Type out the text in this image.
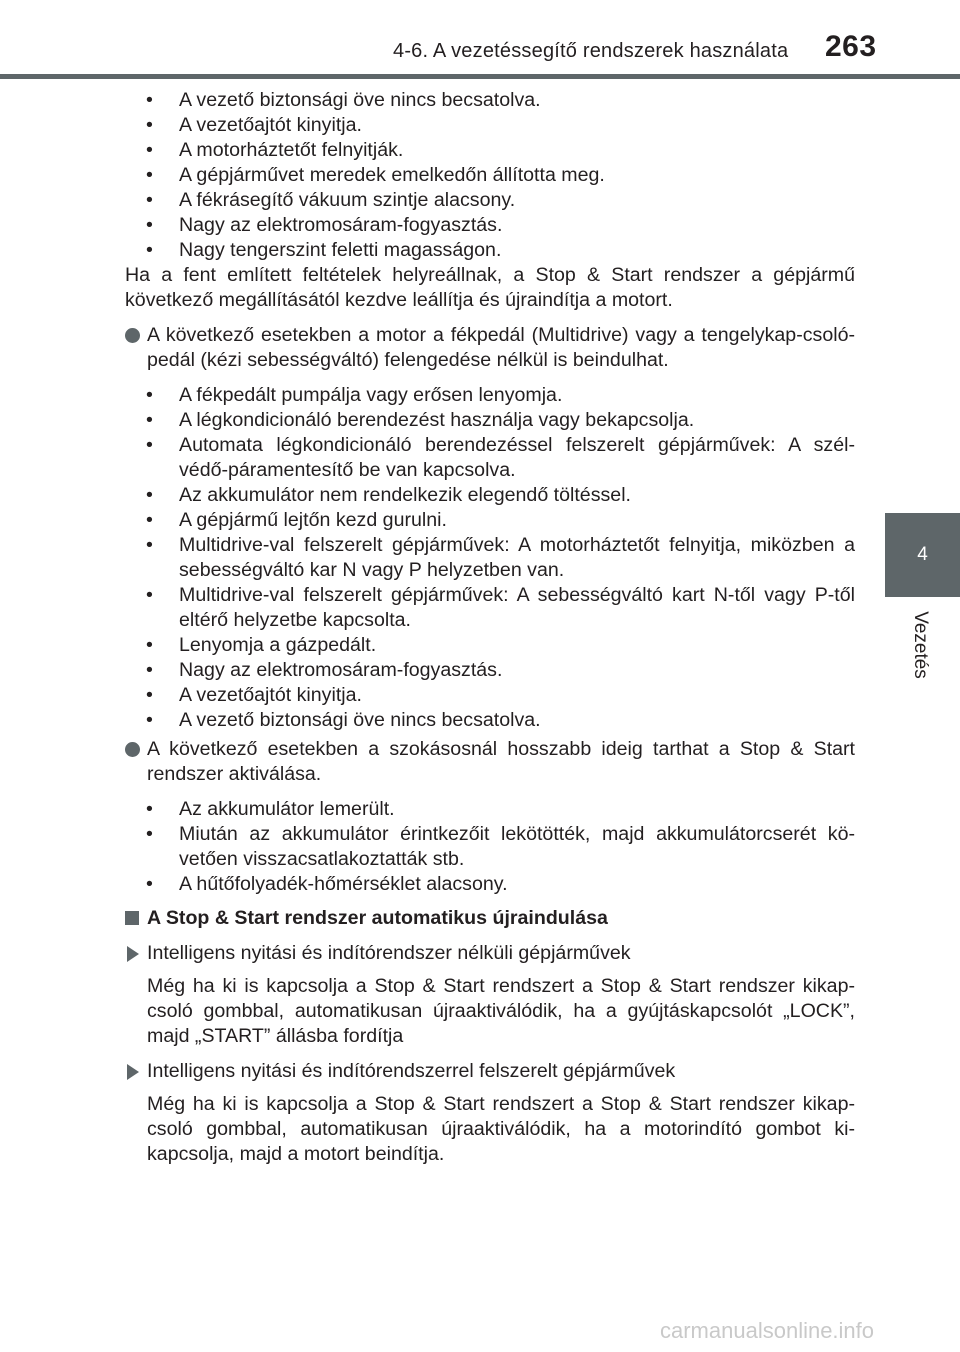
4-6. A vezetéssegítő rendszerek használata 263
4
Vezetés
• A vezető biztonsági öve nincs becsatolva.
• A vezetőajtót kinyitja.
• A motorháztetőt felnyitják.
• A gépjárművet meredek emelkedőn állította meg.
• A fékrásegítő vákuum szintje alacsony.
• Nagy az elektromosáram-fogyasztás.
• Nagy tengerszint feletti magasságon.

Ha a fent említett feltételek helyreállnak, a Stop & Start rendszer a gépjármű következő megállításától kezdve leállítja és újraindítja a motort.

A következő esetekben a motor a fékpedál (Multidrive) vagy a tengelykap-csoló-pedál (kézi sebességváltó) felengedése nélkül is beindulhat.
• A fékpedált pumpálja vagy erősen lenyomja.
• A légkondicionáló berendezést használja vagy bekapcsolja.
• Automata légkondicionáló berendezéssel felszerelt gépjárművek: A szél-védő-páramentesítő be van kapcsolva.
• Az akkumulátor nem rendelkezik elegendő töltéssel.
• A gépjármű lejtőn kezd gurulni.
• Multidrive-val felszerelt gépjárművek: A motorháztetőt felnyitja, miközben a sebességváltó kar N vagy P helyzetben van.
• Multidrive-val felszerelt gépjárművek: A sebességváltó kart N-től vagy P-től eltérő helyzetbe kapcsolta.
• Lenyomja a gázpedált.
• Nagy az elektromosáram-fogyasztás.
• A vezetőajtót kinyitja.
• A vezető biztonsági öve nincs becsatolva.
A következő esetekben a szokásosnál hosszabb ideig tarthat a Stop & Start rendszer aktiválása.
• Az akkumulátor lemerült.
• Miután az akkumulátor érintkezőit lekötötték, majd akkumulátorcserét kö-vetően visszacsatlakoztatták stb.
• A hűtőfolyadék-hőmérséklet alacsony.
A Stop & Start rendszer automatikus újraindulása
Intelligens nyitási és indítórendszer nélküli gépjárművek

Még ha ki is kapcsolja a Stop & Start rendszert a Stop & Start rendszer kikap-csoló gombbal, automatikusan újraaktiválódik, ha a gyújtáskapcsolót „LOCK”, majd „START” állásba fordítja

Intelligens nyitási és indítórendszerrel felszerelt gépjárművek

Még ha ki is kapcsolja a Stop & Start rendszert a Stop & Start rendszer kikap-csoló gombbal, automatikusan újraaktiválódik, ha a motorindító gombot ki-kapcsolja, majd a motort beindítja.

carmanualsonline.info
